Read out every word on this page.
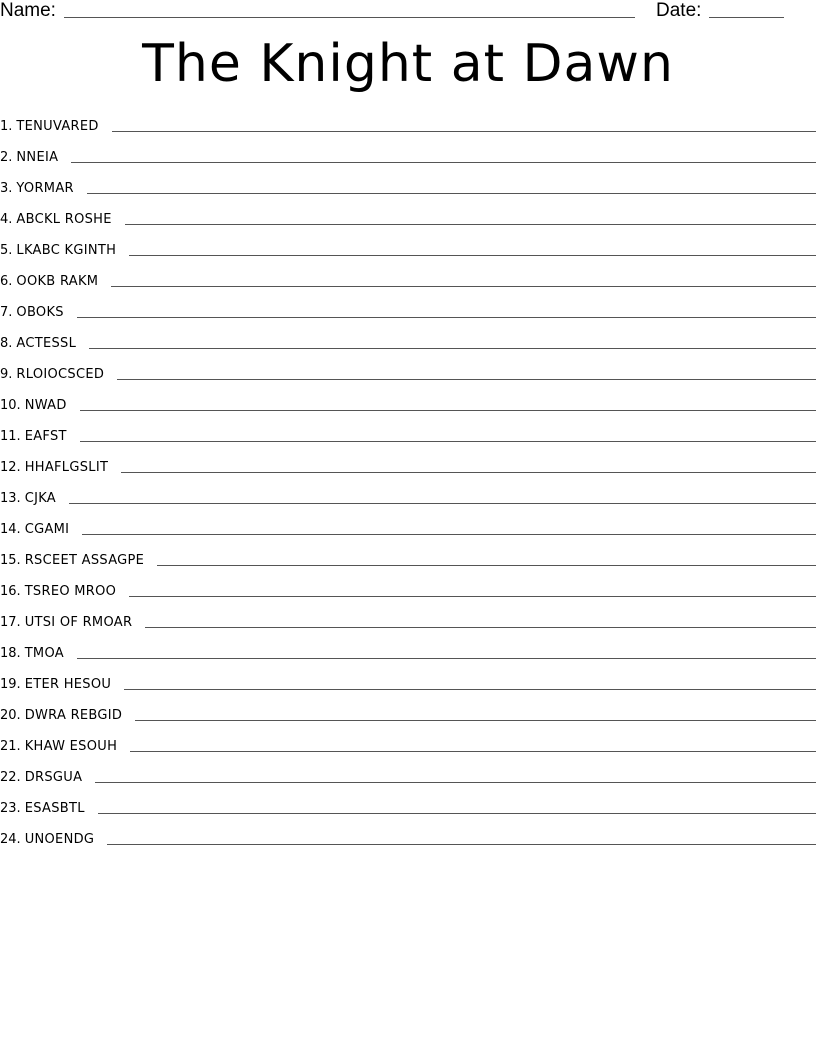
Name:	Date:
The Knight at Dawn
1. TENUVARED
2. NNEIA
3. YORMAR
4. ABCKL ROSHE
5. LKABC KGINTH
6. OOKB RAKM
7. OBOKS
8. ACTESSL
9. RLOIOCSCED
10. NWAD
11. EAFST
12. HHAFLGSLIT
13. CJKA
14. CGAMI
15. RSCEET ASSAGPE
16. TSREO MROO
17. UTSI OF RMOAR
18. TMOA
19. ETER HESOU
20. DWRA REBGID
21. KHAW ESOUH
22. DRSGUA
23. ESASBTL
24. UNOENDG
